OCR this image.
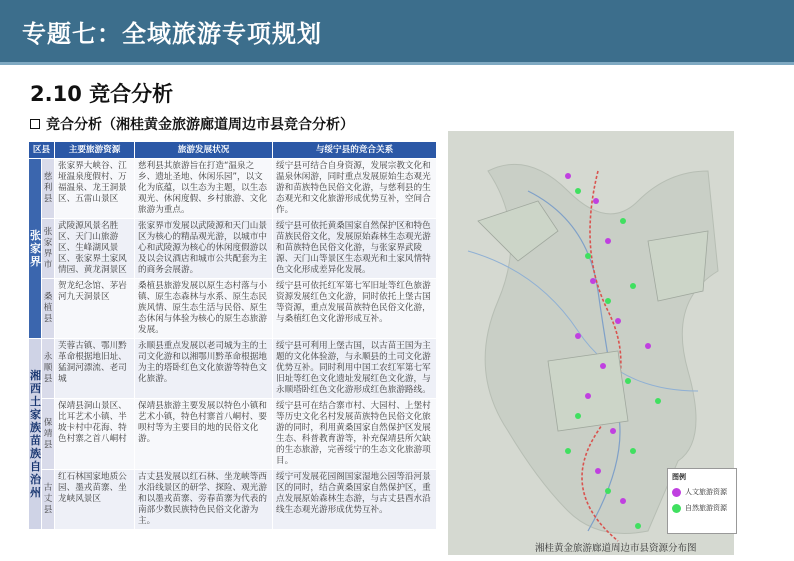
专题七：全域旅游专项规划
2.10 竞合分析
竞合分析（湘桂黄金旅游廊道周边市县竞合分析）
区县		主要旅游资源	旅游发展状况	与绥宁县的竞合关系
张家界	慈利县	张家界大峡谷、江垭温泉度假村、万福温泉、龙王洞景区、五雷山景区	慈利县其旅游旨在打造“温泉之乡、遗址圣地、休闲乐园”，以文化为底蕴，以生态为主题，以生态观光、休闲度假、乡村旅游、文化旅游为重点。	绥宁县可结合自身资源，发展宗教文化和温泉休闲游，同时重点发展原始生态观光游和苗族特色民俗文化游，与慈利县的生态观光和文化旅游形成优势互补，空间合作。
	张家界市	武陵源风景名胜区、天门山旅游区、生峰湖风景区、张家界土家风情园、黄龙洞景区	张家界市发展以武陵源和天门山景区为核心的精品观光游，以城市中心和武陵源为核心的休闲度假游以及以会议酒店和城市公共配套为主的商务会展游。	绥宁县可依托黄桑国家自然保护区和特色苗族民俗文化，发展原始森林生态观光游和苗族特色民俗文化游，与张家界武陵源、天门山等景区生态观光和土家风情特色文化形成差异化发展。
	桑植县	贺龙纪念馆、茅岩河九天洞景区	桑植县旅游发展以原生态村落与小镇、原生态森林与水系、原生态民族风情、原生态生活与民俗、原生态休闲与体验为核心的原生态旅游发展。	绥宁县可依托红军第七军旧址等红色旅游资源发展红色文化游，同时依托上堡古国等资源，重点发展苗族特色民俗文化游，与桑植红色文化游形成互补。
湘西土家族苗族自治州	永顺县	芙蓉古镇、鄂川黔革命根据地旧址、猛洞河漂流、老司城	永顺县重点发展以老司城为主的土司文化游和以湘鄂川黔革命根据地为主的塔卧红色文化旅游等特色文化旅游。	绥宁县可利用上堡古国，以古苗王国为主题的文化体验游，与永顺县的土司文化游优势互补。同时利用中国工农红军第七军旧址等红色文化遗址发展红色文化游，与永顺塔卧红色文化游形成红色旅游路线。
	保靖县	保靖县洞山景区、比耳艺术小镇、半坡卡村中花海、特色村寨之首八峒村	保靖县旅游主要发展以特色小镇和艺术小镇，特色村寨首八峒村、要呗村等为主要目的地的民俗文化游。	绥宁县可在结合寨市村、大园村、上堡村等历史文化名村发展苗族特色民俗文化旅游的同时，利用黄桑国家自然保护区发展生态、科普教育游等，补充保靖县所欠缺的生态旅游，完善绥宁的生态文化旅游项目。
	古丈县	红石林国家地质公园、墨戎苗寨、坐龙峡风景区	古丈县发展以红石林、坐龙峡等西水沿线景区的研学、探险、观光游和以墨戎苗寨、旁春苗寨为代表的南部少数民族特色民俗文化游为主。	绥宁可发展花园阁国家湿地公园等沿河景区的同时，结合黄桑国家自然保护区，重点发展原始森林生态游，与古丈县酉水沿线生态观光游形成优势互补。
图例
人文旅游资源
自然旅游资源
湘桂黄金旅游廊道周边市县资源分布图
